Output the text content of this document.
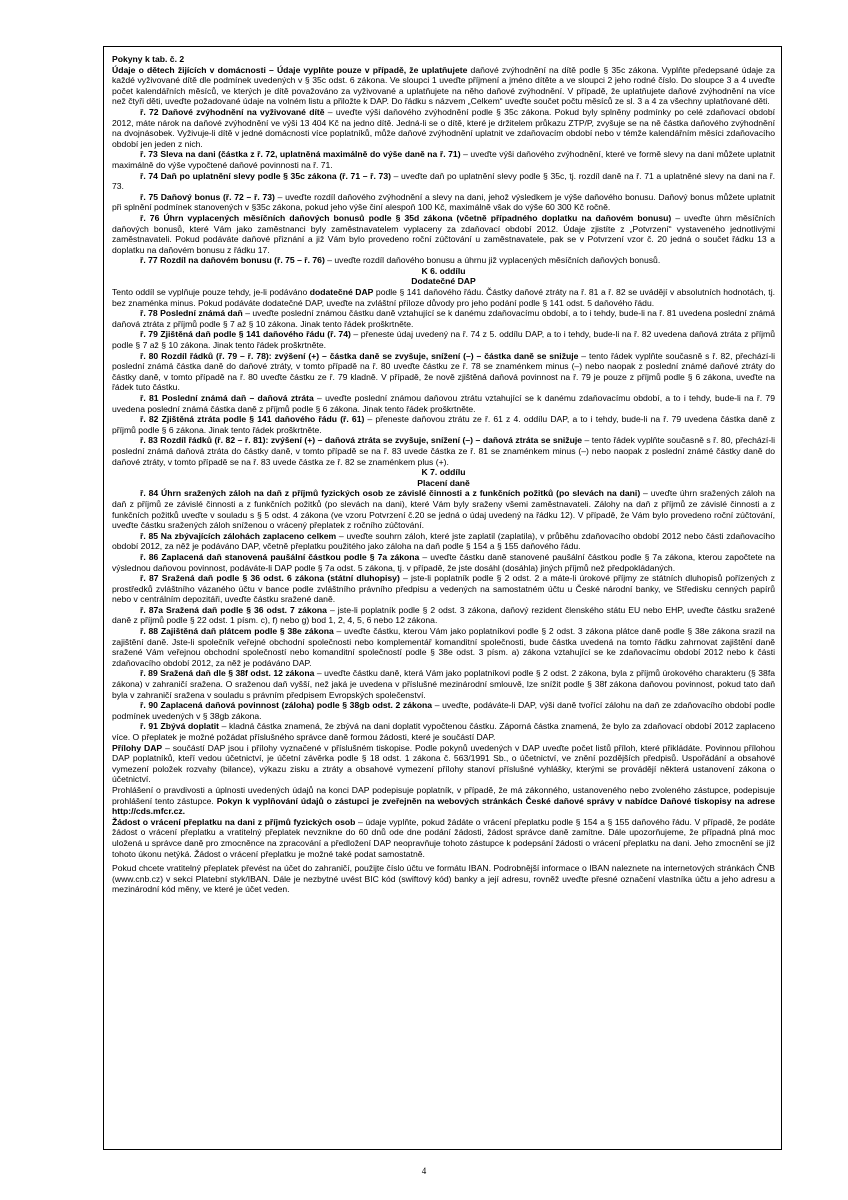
Pokyny k tab. č. 2

Údaje o dětech žijících v domácnosti – Údaje vyplňte pouze v případě, že uplatňujete daňové zvýhodnění na dítě podle § 35c zákona. Vyplňte předepsané údaje za každé vyživované dítě dle podmínek uvedených v § 35c odst. 6 zákona. Ve sloupci 1 uveďte příjmení a jméno dítěte a ve sloupci 2 jeho rodné číslo. Do sloupce 3 a 4 uveďte počet kalendářních měsíců, ve kterých je dítě považováno za vyživované a uplatňujete na něho daňové zvýhodnění. V případě, že uplatňujete daňové zvýhodnění na více než čtyři děti, uveďte požadované údaje na volném listu a přiložte k DAP. Do řádku s názvem „Celkem“ uveďte součet počtu měsíců ze sl. 3 a 4 za všechny uplatňované děti.

ř. 72 Daňové zvýhodnění na vyživované dítě – uveďte výši daňového zvýhodnění podle § 35c zákona. Pokud byly splněny podmínky po celé zdaňovací období 2012, máte nárok na daňové zvýhodnění ve výši 13 404 Kč na jedno dítě. Jedná-li se o dítě, které je držitelem průkazu ZTP/P, zvyšuje se na ně částka daňového zvýhodnění na dvojnásobek. Vyživuje-li dítě v jedné domácnosti více poplatníků, může daňové zvýhodnění uplatnit ve zdaňovacím období nebo v témže kalendářním měsíci zdaňovacího období jen jeden z nich.

ř. 73 Sleva na dani (částka z ř. 72, uplatněná maximálně do výše daně na ř. 71) – uveďte výši daňového zvýhodnění, které ve formě slevy na dani můžete uplatnit maximálně do výše vypočtené daňové povinnosti na ř. 71.

ř. 74 Daň po uplatnění slevy podle § 35c zákona (ř. 71 – ř. 73) – uveďte daň po uplatnění slevy podle § 35c, tj. rozdíl daně na ř. 71 a uplatněné slevy na dani na ř. 73.

ř. 75 Daňový bonus (ř. 72 – ř. 73) – uveďte rozdíl daňového zvýhodnění a slevy na dani, jehož výsledkem je výše daňového bonusu. Daňový bonus můžete uplatnit při splnění podmínek stanovených v §35c zákona, pokud jeho výše činí alespoň 100 Kč, maximálně však do výše 60 300 Kč ročně.

ř. 76 Úhrn vyplacených měsíčních daňových bonusů podle § 35d zákona (včetně případného doplatku na daňovém bonusu) – uveďte úhrn měsíčních daňových bonusů, které Vám jako zaměstnanci byly zaměstnavatelem vyplaceny za zdaňovací období 2012. Údaje zjistíte z „Potvrzení“ vystaveného jednotlivými zaměstnavateli. Pokud podáváte daňové přiznání a již Vám bylo provedeno roční zúčtování u zaměstnavatele, pak se v Potvrzení vzor č. 20 jedná o součet řádku 13 a doplatku na daňovém bonusu z řádku 17.

ř. 77 Rozdíl na daňovém bonusu (ř. 75 – ř. 76) – uveďte rozdíl daňového bonusu a úhrnu již vyplacených měsíčních daňových bonusů.

K 6. oddílu

Dodatečné DAP

Tento oddíl se vyplňuje pouze tehdy, je-li podáváno dodatečné DAP podle § 141 daňového řádu. Částky daňové ztráty na ř. 81 a ř. 82 se uvádějí v absolutních hodnotách, tj. bez znaménka minus. Pokud podáváte dodatečné DAP, uveďte na zvláštní příloze důvody pro jeho podání podle § 141 odst. 5 daňového řádu.

ř. 78 Poslední známá daň – uveďte poslední známou částku daně vztahující se k danému zdaňovacímu období, a to i tehdy, bude-li na ř. 81 uvedena poslední známá daňová ztráta z příjmů podle § 7 až § 10 zákona. Jinak tento řádek proškrtněte.

ř. 79 Zjištěná daň podle § 141 daňového řádu (ř. 74) – přeneste údaj uvedený na ř. 74 z 5. oddílu DAP, a to i tehdy, bude-li na ř. 82 uvedena daňová ztráta z příjmů podle § 7 až § 10 zákona. Jinak tento řádek proškrtněte.

ř. 80 Rozdíl řádků (ř. 79 – ř. 78): zvýšení (+) – částka daně se zvyšuje, snížení (–) – částka daně se snižuje – tento řádek vyplňte současně s ř. 82, přechází-li poslední známá částka daně do daňové ztráty, v tomto případě na ř. 80 uveďte částku ze ř. 78 se znaménkem minus (–) nebo naopak z poslední známé daňové ztráty do částky daně, v tomto případě na ř. 80 uveďte částku ze ř. 79 kladně. V případě, že nově zjištěná daňová povinnost na ř. 79 je pouze z příjmů podle § 6 zákona, uveďte na řádek tuto částku.

ř. 81 Poslední známá daň – daňová ztráta – uveďte poslední známou daňovou ztrátu vztahující se k danému zdaňovacímu období, a to i tehdy, bude-li na ř. 79 uvedena poslední známá částka daně z příjmů podle § 6 zákona. Jinak tento řádek proškrtněte.

ř. 82 Zjištěná ztráta podle § 141 daňového řádu (ř. 61) – přeneste daňovou ztrátu ze ř. 61 z 4. oddílu DAP, a to i tehdy, bude-li na ř. 79 uvedena částka daně z příjmů podle § 6 zákona. Jinak tento řádek proškrtněte.

ř. 83 Rozdíl řádků (ř. 82 – ř. 81): zvýšení (+) – daňová ztráta se zvyšuje, snížení (–) – daňová ztráta se snižuje – tento řádek vyplňte současně s ř. 80, přechází-li poslední známá daňová ztráta do částky daně, v tomto případě se na ř. 83 uvede částka ze ř. 81 se znaménkem minus (–) nebo naopak z poslední známé částky daně do daňové ztráty, v tomto případě se na ř. 83 uvede částka ze ř. 82 se znaménkem plus (+).

K 7. oddílu

Placení daně

ř. 84 Úhrn sražených záloh na daň z příjmů fyzických osob ze závislé činnosti a z funkčních požitků (po slevách na dani) – uveďte úhrn sražených záloh na daň z příjmů ze závislé činnosti a z funkčních požitků (po slevách na dani), které Vám byly sraženy všemi zaměstnavateli. Zálohy na daň z příjmů ze závislé činnosti a z funkčních požitků uveďte v souladu s § 5 odst. 4 zákona (ve vzoru Potvrzení č.20 se jedná o údaj uvedený na řádku 12). V případě, že Vám bylo provedeno roční zúčtování, uveďte částku sražených záloh sníženou o vrácený přeplatek z ročního zúčtování.

ř. 85 Na zbývajících zálohách zaplaceno celkem – uveďte souhrn záloh, které jste zaplatil (zaplatila), v průběhu zdaňovacího období 2012 nebo části zdaňovacího období 2012, za něž je podáváno DAP, včetně přeplatku použitého jako záloha na daň podle § 154 a § 155 daňového řádu.

ř. 86 Zaplacená daň stanovená paušální částkou podle § 7a zákona – uveďte částku daně stanovené paušální částkou podle § 7a zákona, kterou započtete na výslednou daňovou povinnost, podáváte-li DAP podle § 7a odst. 5 zákona, tj. v případě, že jste dosáhl (dosáhla) jiných příjmů než předpokládaných.

ř. 87 Sražená daň podle § 36 odst. 6 zákona (státní dluhopisy) – jste-li poplatník podle § 2 odst. 2 a máte-li úrokové příjmy ze státních dluhopisů pořízených z prostředků zvláštního vázaného účtu v bance podle zvláštního právního předpisu a vedených na samostatném účtu u České národní banky, ve Středisku cenných papírů nebo v centrálním depozitáři, uveďte částku sražené daně.

ř. 87a Sražená daň podle § 36 odst. 7 zákona – jste-li poplatník podle § 2 odst. 3 zákona, daňový rezident členského státu EU nebo EHP, uveďte částku sražené daně z příjmů podle § 22 odst. 1 písm. c), f) nebo g) bod 1, 2, 4, 5, 6 nebo 12 zákona.

ř. 88 Zajištěná daň plátcem podle § 38e zákona – uveďte částku, kterou Vám jako poplatníkovi podle § 2 odst. 3 zákona plátce daně podle § 38e zákona srazil na zajištění daně. Jste-li společník veřejné obchodní společnosti nebo komplementář komanditní společnosti, bude částka uvedená na tomto řádku zahrnovat zajištění daně sražené Vám veřejnou obchodní společností nebo komanditní společností podle § 38e odst. 3 písm. a) zákona vztahující se ke zdaňovacímu období 2012 nebo k části zdaňovacího období 2012, za něž je podáváno DAP.

ř. 89 Sražená daň dle § 38f odst. 12 zákona – uveďte částku daně, která Vám jako poplatníkovi podle § 2 odst. 2 zákona, byla z příjmů úrokového charakteru (§ 38fa zákona) v zahraničí sražena. O sraženou daň vyšší, než jaká je uvedena v příslušné mezinárodní smlouvě, lze snížit podle § 38f zákona daňovou povinnost, pokud tato daň byla v zahraničí sražena v souladu s právním předpisem Evropských společenství.

ř. 90 Zaplacená daňová povinnost (záloha) podle § 38gb odst. 2 zákona – uveďte, podáváte-li DAP, výši daně tvořící zálohu na daň ze zdaňovacího období podle podmínek uvedených v § 38gb zákona.

ř. 91 Zbývá doplatit – kladná částka znamená, že zbývá na dani doplatit vypočtenou částku. Záporná částka znamená, že bylo za zdaňovací období 2012 zaplaceno více. O přeplatek je možné požádat příslušného správce daně formou žádosti, které je součástí DAP.

Přílohy DAP – součástí DAP jsou i přílohy vyznačené v příslušném tiskopise. Podle pokynů uvedených v DAP uveďte počet listů příloh, které přikládáte. Povinnou přílohou DAP poplatníků, kteří vedou účetnictví, je účetní závěrka podle § 18 odst. 1 zákona č. 563/1991 Sb., o účetnictví, ve znění pozdějších předpisů. Uspořádání a obsahové vymezení položek rozvahy (bilance), výkazu zisku a ztráty a obsahové vymezení přílohy stanoví příslušné vyhlášky, kterými se provádějí některá ustanovení zákona o účetnictví.

Prohlášení o pravdivosti a úplnosti uvedených údajů na konci DAP podepisuje poplatník, v případě, že má zákonného, ustanoveného nebo zvoleného zástupce, podepisuje prohlášení tento zástupce. Pokyn k vyplňování údajů o zástupci je zveřejněn na webových stránkách České daňové správy v nabídce Daňové tiskopisy na adrese http://cds.mfcr.cz.

Žádost o vrácení přeplatku na dani z příjmů fyzických osob – údaje vyplňte, pokud žádáte o vrácení přeplatku podle § 154 a § 155 daňového řádu. V případě, že podáte žádost o vrácení přeplatku a vratitelný přeplatek nevznikne do 60 dnů ode dne podání žádosti, žádost správce daně zamítne. Dále upozorňujeme, že případná plná moc uložená u správce daně pro zmocněnce na zpracování a předložení DAP neopravňuje tohoto zástupce k podepsání žádosti o vrácení přeplatku na dani. Jeho zmocnění se jíž tohoto úkonu netýká. Žádost o vrácení přeplatku je možné také podat samostatně.

Pokud chcete vratitelný přeplatek převést na účet do zahraničí, použijte číslo účtu ve formátu IBAN. Podrobnější informace o IBAN naleznete na internetových stránkách ČNB (www.cnb.cz) v sekci Platební styk/IBAN. Dále je nezbytné uvést BIC kód (swiftový kód) banky a její adresu, rovněž uveďte přesné označení vlastníka účtu a jeho adresu a mezinárodní kód měny, ve které je účet veden.

4
